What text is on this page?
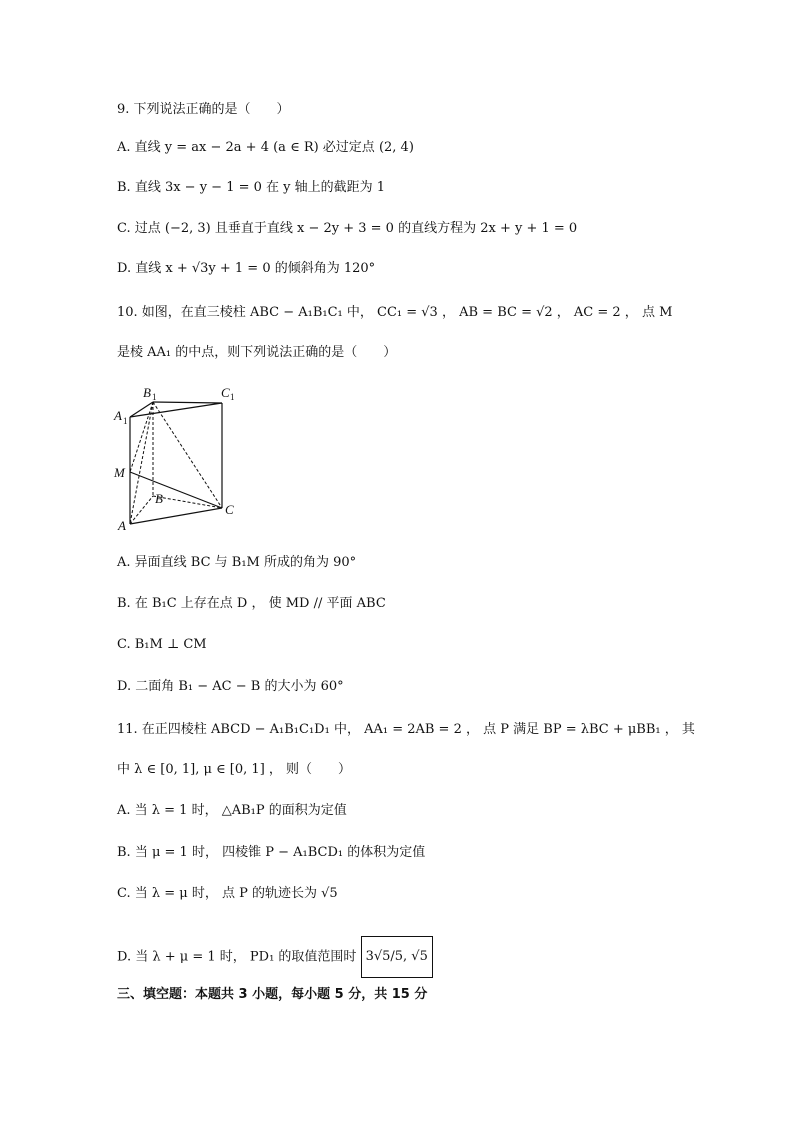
9. 下列说法正确的是（　　）
A. 直线 y = ax − 2a + 4 (a ∈ R) 必过定点 (2, 4)
B. 直线 3x − y − 1 = 0 在 y 轴上的截距为 1
C. 过点 (−2, 3) 且垂直于直线 x − 2y + 3 = 0 的直线方程为 2x + y + 1 = 0
D. 直线 x + √3y + 1 = 0 的倾斜角为 120°
10. 如图，在直三棱柱 ABC − A₁B₁C₁ 中， CC₁ = √3 ， AB = BC = √2 ， AC = 2 ， 点 M
是棱 AA₁ 的中点，则下列说法正确的是（　　）
B 1	C 1
A 1
M
B
A
C
A. 异面直线 BC 与 B₁M 所成的角为 90°
B. 在 B₁C 上存在点 D ， 使 MD // 平面 ABC
C. B₁M ⊥ CM
D. 二面角 B₁ − AC − B 的大小为 60°
11. 在正四棱柱 ABCD − A₁B₁C₁D₁ 中， AA₁ = 2AB = 2 ， 点 P 满足 BP = λBC + μBB₁ ， 其
中 λ ∈ [0, 1], μ ∈ [0, 1] ， 则（　　）
A. 当 λ = 1 时， △AB₁P 的面积为定值
B. 当 μ = 1 时， 四棱锥 P − A₁BCD₁ 的体积为定值
C. 当 λ = μ 时， 点 P 的轨迹长为 √5
D. 当 λ + μ = 1 时， PD₁ 的取值范围时 3√5/5, √5
三、填空题：本题共 3 小题，每小题 5 分，共 15 分
